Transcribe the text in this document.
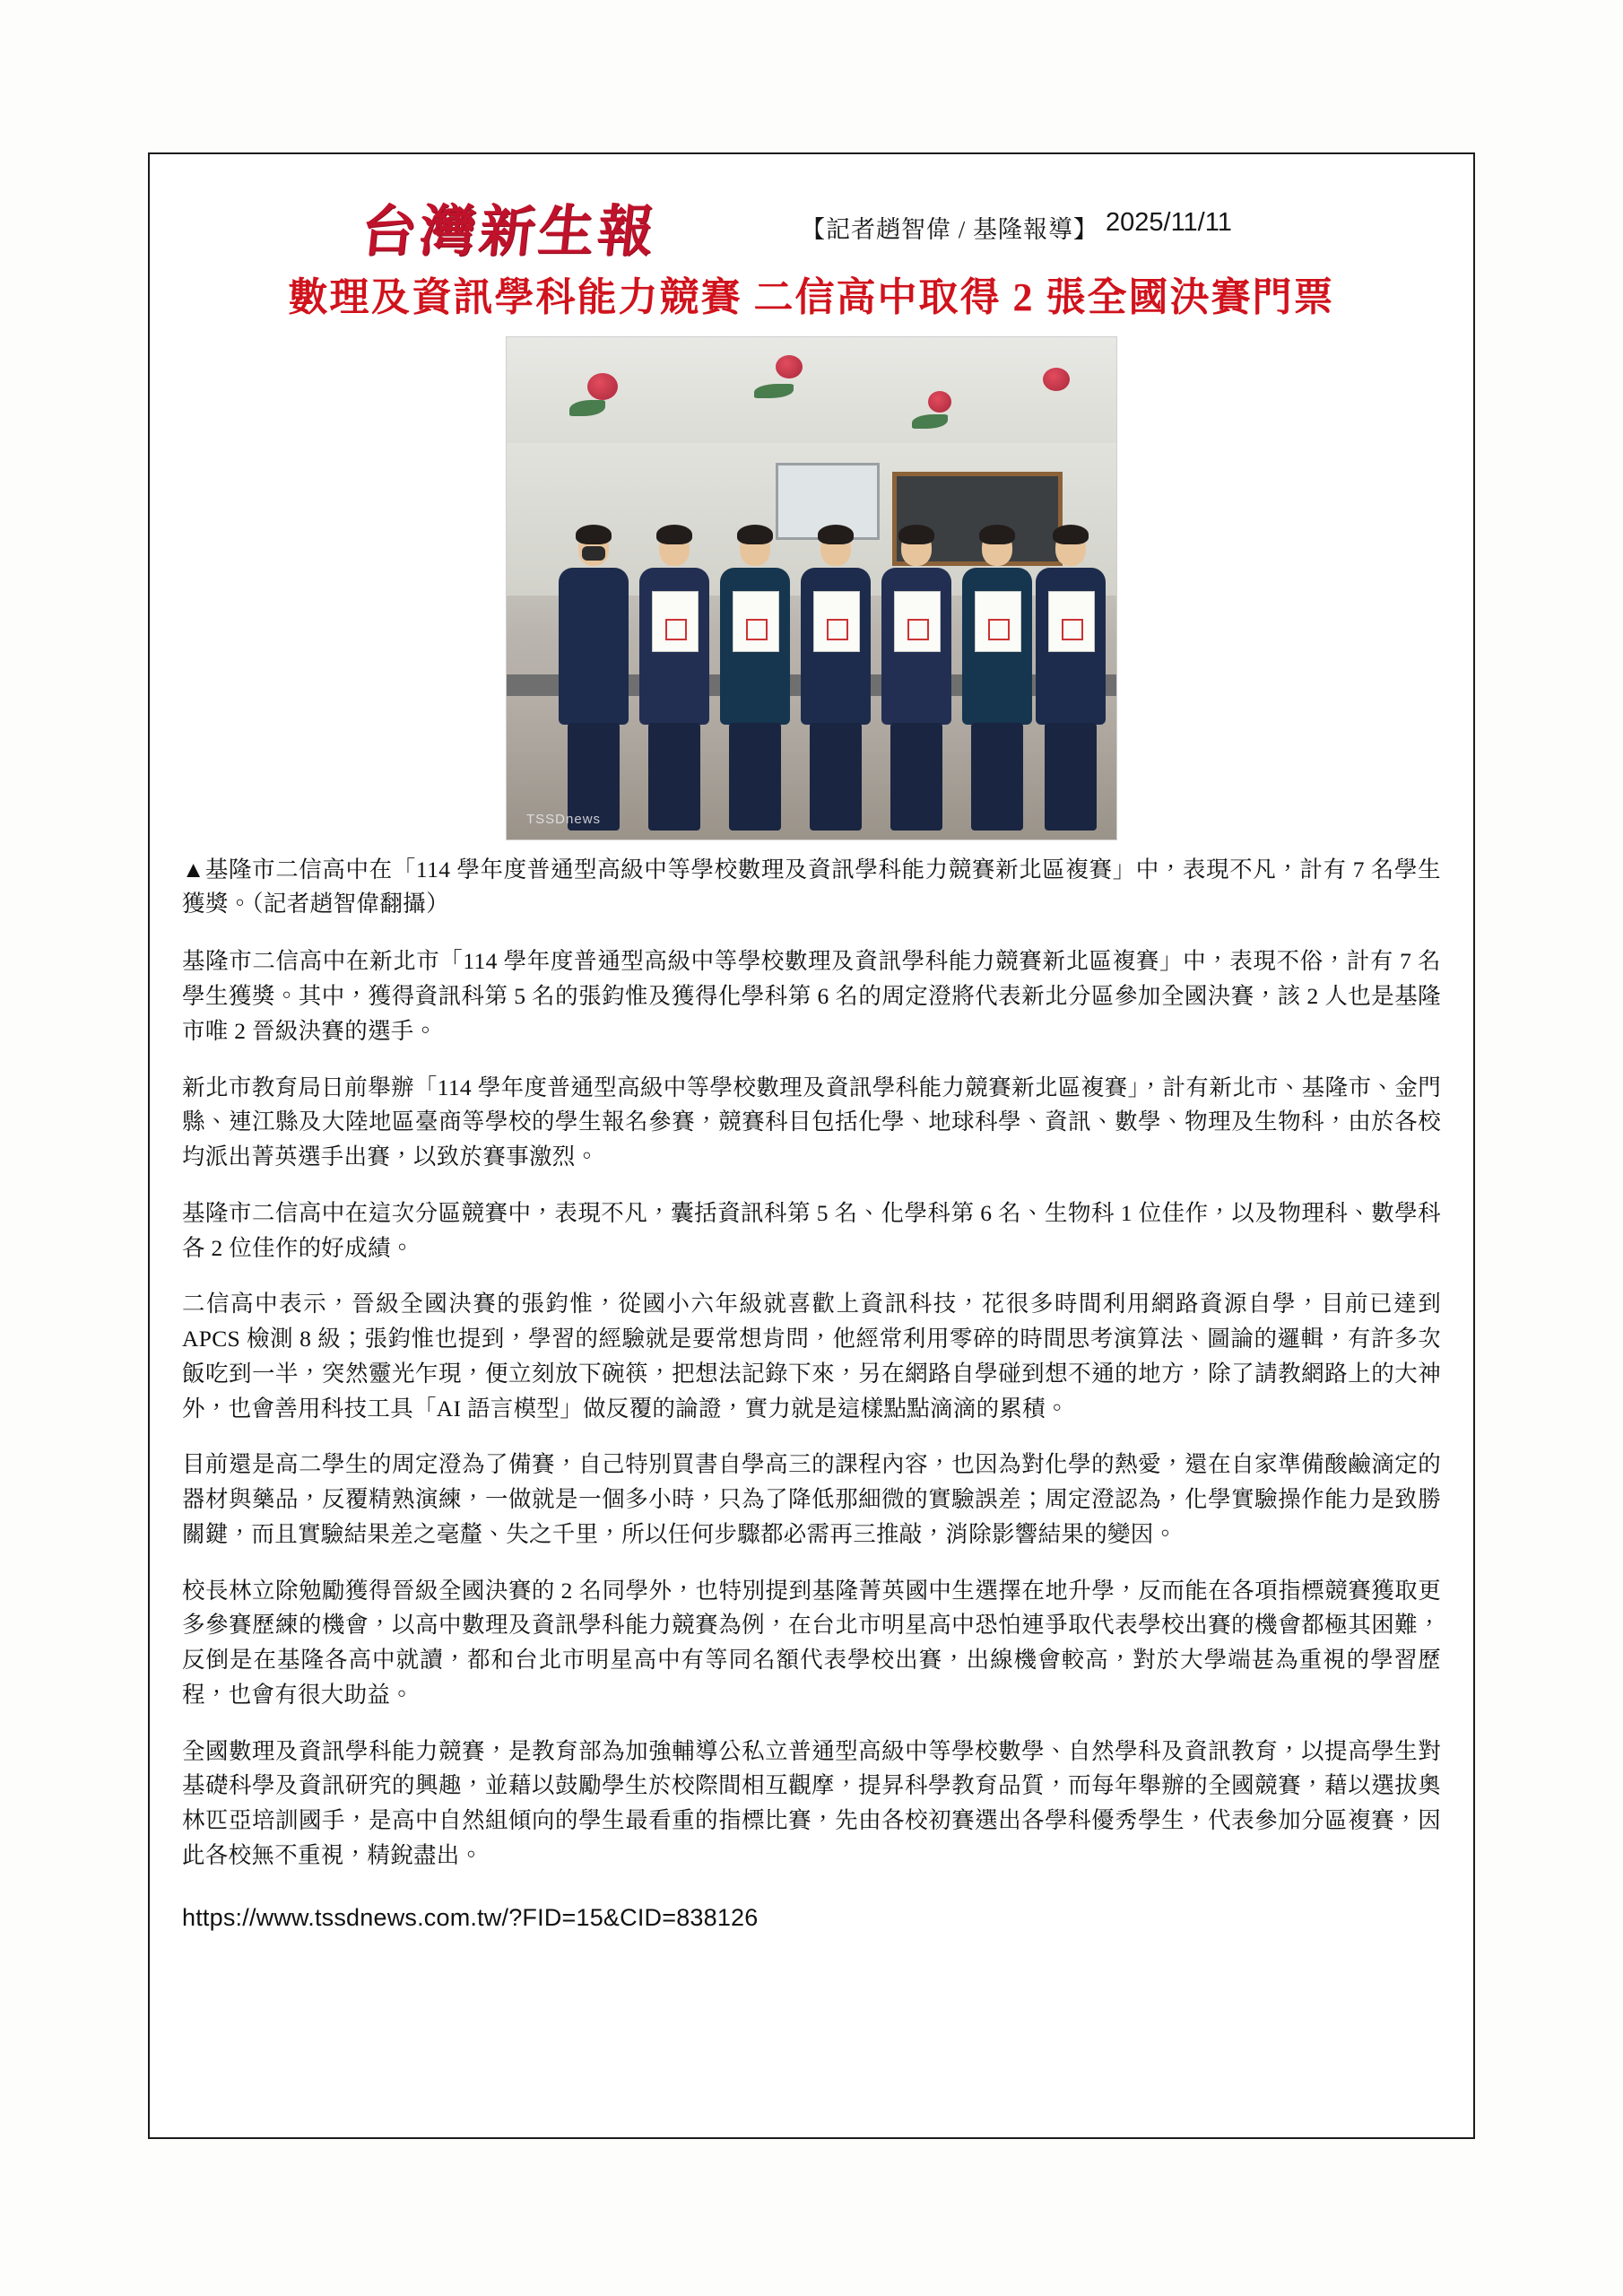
台灣新生報	【記者趙智偉 / 基隆報導】 2025/11/11
數理及資訊學科能力競賽 二信高中取得 2 張全國決賽門票
TSSDnews

▲基隆市二信高中在「114 學年度普通型高級中等學校數理及資訊學科能力競賽新北區複賽」中，表現不凡，計有 7 名學生獲獎。（記者趙智偉翻攝）

基隆市二信高中在新北市「114 學年度普通型高級中等學校數理及資訊學科能力競賽新北區複賽」中，表現不俗，計有 7 名學生獲獎。其中，獲得資訊科第 5 名的張鈞惟及獲得化學科第 6 名的周定澄將代表新北分區參加全國決賽，該 2 人也是基隆市唯 2 晉級決賽的選手。

新北市教育局日前舉辦「114 學年度普通型高級中等學校數理及資訊學科能力競賽新北區複賽」，計有新北市、基隆市、金門縣、連江縣及大陸地區臺商等學校的學生報名參賽，競賽科目包括化學、地球科學、資訊、數學、物理及生物科，由於各校均派出菁英選手出賽，以致於賽事激烈。

基隆市二信高中在這次分區競賽中，表現不凡，囊括資訊科第 5 名、化學科第 6 名、生物科 1 位佳作，以及物理科、數學科各 2 位佳作的好成績。

二信高中表示，晉級全國決賽的張鈞惟，從國小六年級就喜歡上資訊科技，花很多時間利用網路資源自學，目前已達到 APCS 檢測 8 級；張鈞惟也提到，學習的經驗就是要常想肯問，他經常利用零碎的時間思考演算法、圖論的邏輯，有許多次飯吃到一半，突然靈光乍現，便立刻放下碗筷，把想法記錄下來，另在網路自學碰到想不通的地方，除了請教網路上的大神外，也會善用科技工具「AI 語言模型」做反覆的論證，實力就是這樣點點滴滴的累積。

目前還是高二學生的周定澄為了備賽，自己特別買書自學高三的課程內容，也因為對化學的熱愛，還在自家準備酸鹼滴定的器材與藥品，反覆精熟演練，一做就是一個多小時，只為了降低那細微的實驗誤差；周定澄認為，化學實驗操作能力是致勝關鍵，而且實驗結果差之毫釐、失之千里，所以任何步驟都必需再三推敲，消除影響結果的變因。

校長林立除勉勵獲得晉級全國決賽的 2 名同學外，也特別提到基隆菁英國中生選擇在地升學，反而能在各項指標競賽獲取更多參賽歷練的機會，以高中數理及資訊學科能力競賽為例，在台北市明星高中恐怕連爭取代表學校出賽的機會都極其困難，反倒是在基隆各高中就讀，都和台北市明星高中有等同名額代表學校出賽，出線機會較高，對於大學端甚為重視的學習歷程，也會有很大助益。

全國數理及資訊學科能力競賽，是教育部為加強輔導公私立普通型高級中等學校數學、自然學科及資訊教育，以提高學生對基礎科學及資訊研究的興趣，並藉以鼓勵學生於校際間相互觀摩，提昇科學教育品質，而每年舉辦的全國競賽，藉以選拔奧林匹亞培訓國手，是高中自然組傾向的學生最看重的指標比賽，先由各校初賽選出各學科優秀學生，代表參加分區複賽，因此各校無不重視，精銳盡出。

https://www.tssdnews.com.tw/?FID=15&CID=838126
